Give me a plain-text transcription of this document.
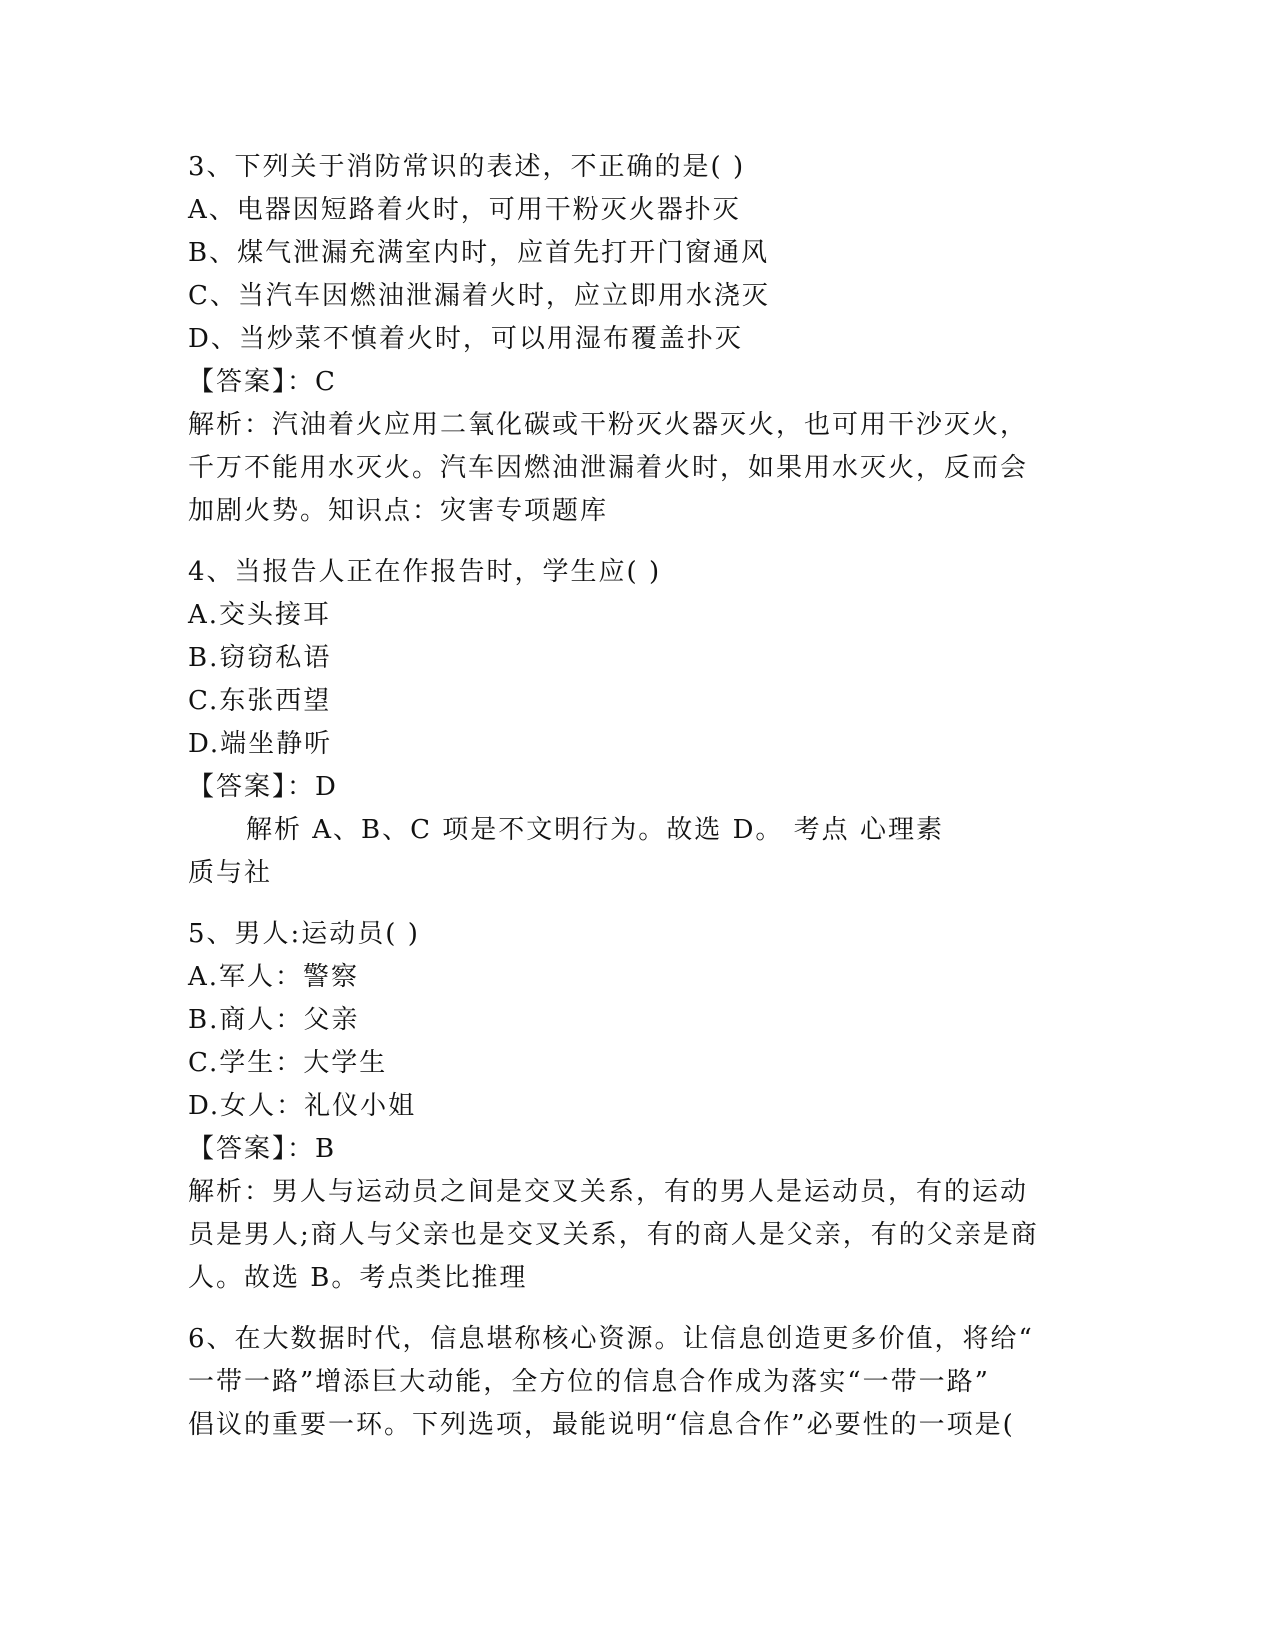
3、下列关于消防常识的表述，不正确的是( )
A、电器因短路着火时，可用干粉灭火器扑灭
B、煤气泄漏充满室内时，应首先打开门窗通风
C、当汽车因燃油泄漏着火时，应立即用水浇灭
D、当炒菜不慎着火时，可以用湿布覆盖扑灭
【答案】：C
解析：汽油着火应用二氧化碳或干粉灭火器灭火，也可用干沙灭火，
千万不能用水灭火。汽车因燃油泄漏着火时，如果用水灭火，反而会
加剧火势。知识点：灾害专项题库
4、当报告人正在作报告时，学生应( )
A.交头接耳
B.窃窃私语
C.东张西望
D.端坐静听
【答案】：D
解析 A、B、C 项是不文明行为。故选 D。 考点 心理素
质与社
5、男人:运动员( )
A.军人：警察
B.商人：父亲
C.学生：大学生
D.女人：礼仪小姐
【答案】：B
解析：男人与运动员之间是交叉关系，有的男人是运动员，有的运动
员是男人;商人与父亲也是交叉关系，有的商人是父亲，有的父亲是商
人。故选 B。考点类比推理
6、在大数据时代，信息堪称核心资源。让信息创造更多价值，将给“
一带一路”增添巨大动能，全方位的信息合作成为落实“一带一路”
倡议的重要一环。下列选项，最能说明“信息合作”必要性的一项是(
